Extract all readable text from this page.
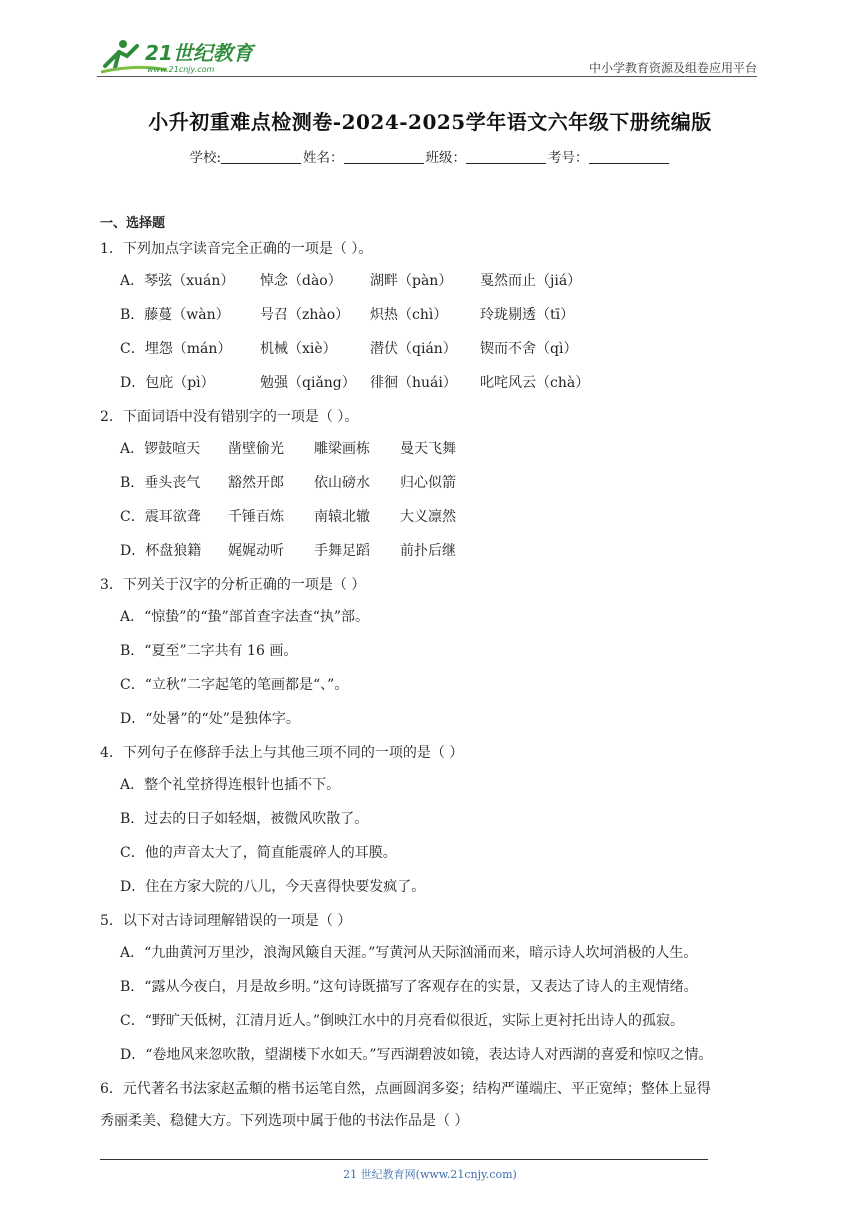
21世纪教育
www.21cnjy.com	中小学教育资源及组卷应用平台
小升初重难点检测卷-2024-2025学年语文六年级下册统编版
学校:	姓名：	班级：	考号：
一、选择题
1．下列加点字读音完全正确的一项是（ ）。
A．琴弦（xuán） 悼念（dào） 湖畔（pàn） 戛然而止（jiá）
B．藤蔓（wàn） 号召（zhào） 炽热（chì） 玲珑剔透（tī）
C．埋怨（mán） 机械（xiè） 潜伏（qián） 锲而不舍（qì）
D．包庇（pì）	勉强（qiǎng） 徘徊（huái） 叱咤风云（chà）
2．下面词语中没有错别字的一项是（ ）。
A．锣鼓喧天 凿壁偷光 雕梁画栋 曼天飞舞
B．垂头丧气 豁然开郎 依山磅水 归心似箭
C．震耳欲聋 千锤百炼 南辕北辙 大义凛然
D．杯盘狼籍 娓娓动听 手舞足蹈 前扑后继
3．下列关于汉字的分析正确的一项是（ ）
A．“惊蛰”的“蛰”部首查字法查“执”部。
B．“夏至”二字共有 16 画。
C．“立秋”二字起笔的笔画都是“、”。
D．“处暑”的“处”是独体字。
4．下列句子在修辞手法上与其他三项不同的一项的是（ ）
A．整个礼堂挤得连根针也插不下。
B．过去的日子如轻烟，被微风吹散了。
C．他的声音太大了，简直能震碎人的耳膜。
D．住在方家大院的八儿，今天喜得快要发疯了。
5．以下对古诗词理解错误的一项是（ ）
A．“九曲黄河万里沙，浪淘风簸自天涯。”写黄河从天际汹涌而来，暗示诗人坎坷消极的人生。
B．“露从今夜白，月是故乡明。”这句诗既描写了客观存在的实景，又表达了诗人的主观情绪。
C．“野旷天低树，江清月近人。”倒映江水中的月亮看似很近，实际上更衬托出诗人的孤寂。
D．“卷地风来忽吹散，望湖楼下水如天。”写西湖碧波如镜，表达诗人对西湖的喜爱和惊叹之情。
6．元代著名书法家赵孟頫的楷书运笔自然，点画圆润多姿；结构严谨端庄、平正宽绰；整体上显得
秀丽柔美、稳健大方。下列选项中属于他的书法作品是（ ）
21 世纪教育网(www.21cnjy.com)
